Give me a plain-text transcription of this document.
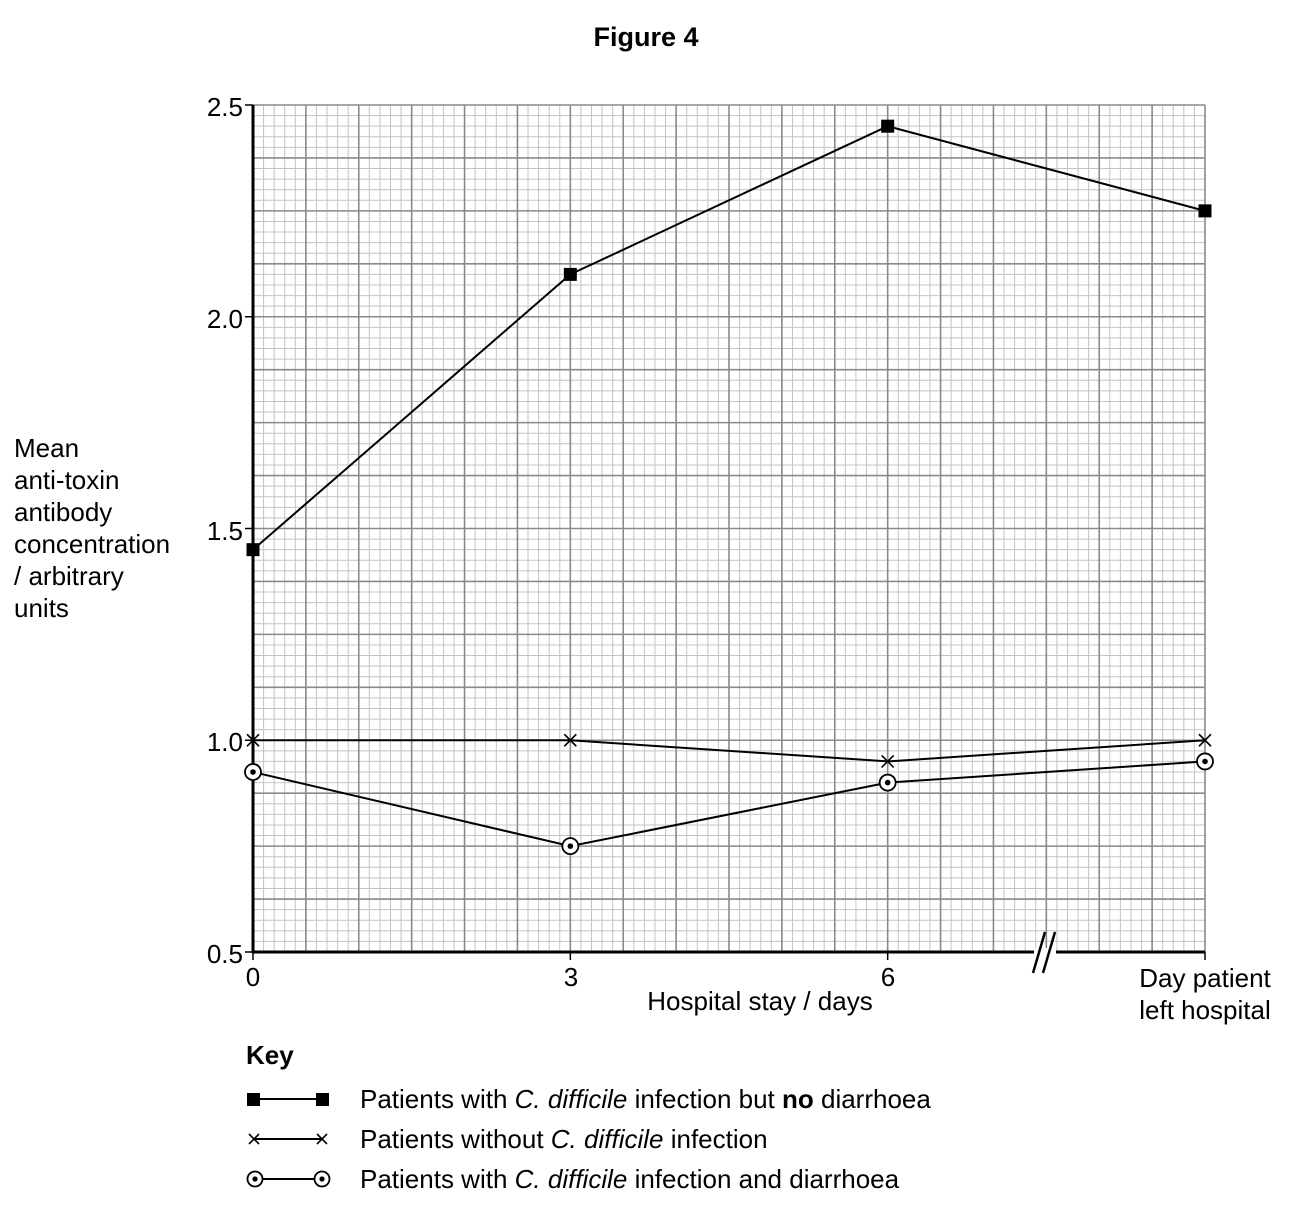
Figure 4
Mean
anti-toxin
antibody
concentration
/ arbitrary
units
2.5
2.0
1.5
1.0
0.5
0	3	6
Hospital stay / days
Day patient
left hospital
Key
Patients with C. difficile infection but no diarrhoea
Patients without C. difficile infection
Patients with C. difficile infection and diarrhoea
